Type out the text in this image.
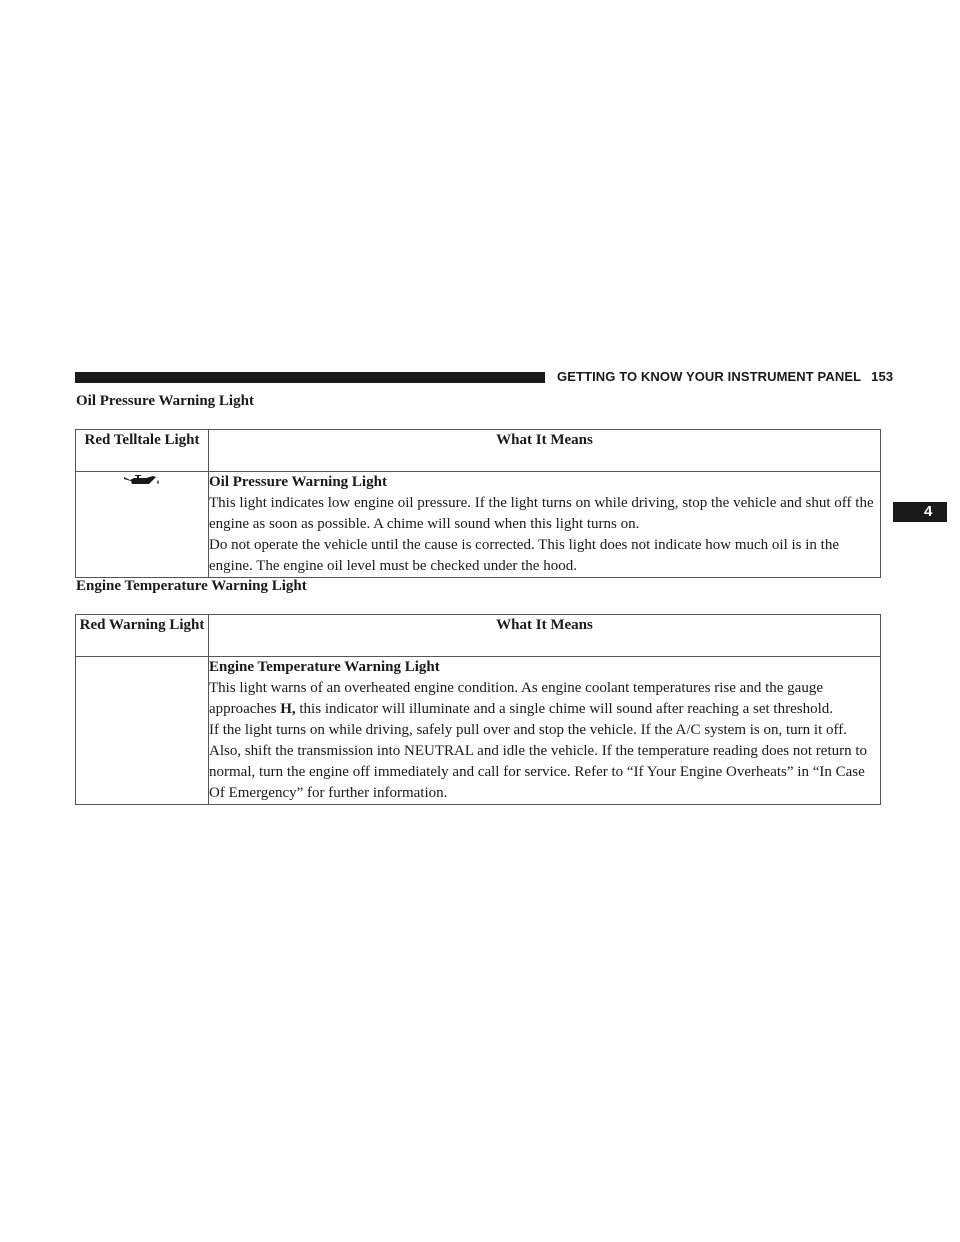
GETTING TO KNOW YOUR INSTRUMENT PANEL 153
4
Oil Pressure Warning Light
Red Telltale Light	What It Means

Oil Pressure Warning Light
This light indicates low engine oil pressure. If the light turns on while driving, stop the vehicle and shut off the engine as soon as possible. A chime will sound when this light turns on.
Do not operate the vehicle until the cause is corrected. This light does not indicate how much oil is in the engine. The engine oil level must be checked under the hood.
Engine Temperature Warning Light
Red Warning Light	What It Means

	Engine Temperature Warning Light
This light warns of an overheated engine condition. As engine coolant temperatures rise and the gauge approaches H, this indicator will illuminate and a single chime will sound after reaching a set threshold.
If the light turns on while driving, safely pull over and stop the vehicle. If the A/C system is on, turn it off. Also, shift the transmission into NEUTRAL and idle the vehicle. If the temperature reading does not return to normal, turn the engine off immediately and call for service. Refer to “If Your Engine Overheats” in “In Case Of Emergency” for further information.
